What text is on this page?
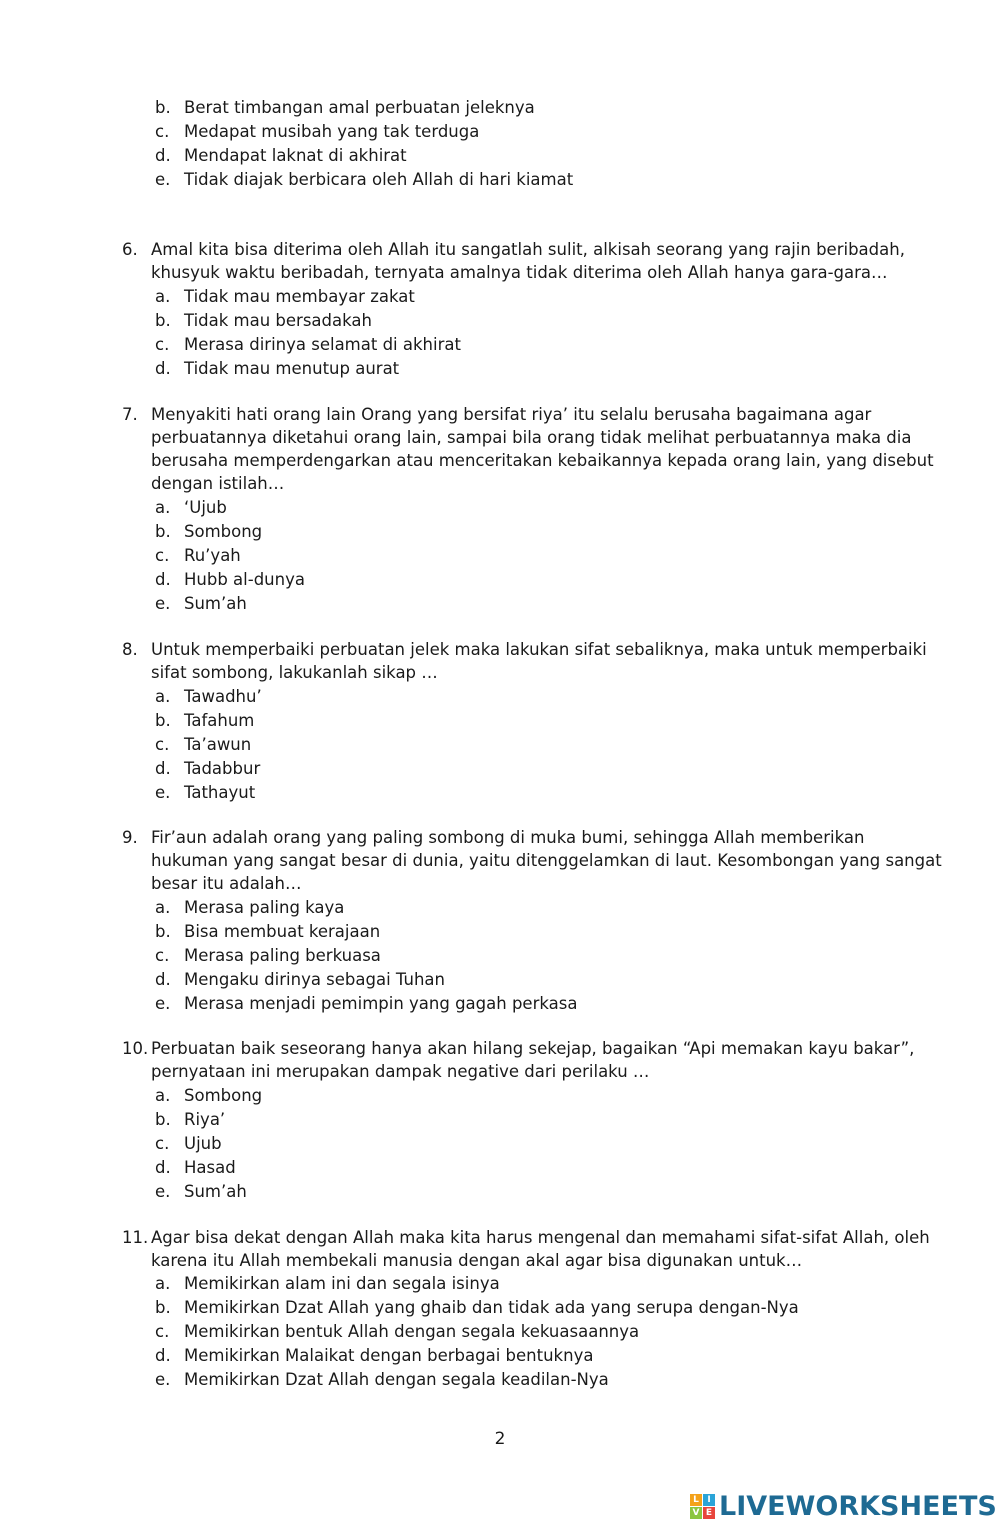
b. Berat timbangan amal perbuatan jeleknya
c. Medapat musibah yang tak terduga
d. Mendapat laknat di akhirat
e. Tidak diajak berbicara oleh Allah di hari kiamat
6. Amal kita bisa diterima oleh Allah itu sangatlah sulit, alkisah seorang yang rajin beribadah,
khusyuk waktu beribadah, ternyata amalnya tidak diterima oleh Allah hanya gara-gara…
a. Tidak mau membayar zakat
b. Tidak mau bersadakah
c. Merasa dirinya selamat di akhirat
d. Tidak mau menutup aurat
7. Menyakiti hati orang lain Orang yang bersifat riya’ itu selalu berusaha bagaimana agar
perbuatannya diketahui orang lain, sampai bila orang tidak melihat perbuatannya maka dia
berusaha memperdengarkan atau menceritakan kebaikannya kepada orang lain, yang disebut
dengan istilah…
a. ‘Ujub
b. Sombong
c. Ru’yah
d. Hubb al-dunya
e. Sum’ah
8. Untuk memperbaiki perbuatan jelek maka lakukan sifat sebaliknya, maka untuk memperbaiki
sifat sombong, lakukanlah sikap …
a. Tawadhu’
b. Tafahum
c. Ta’awun
d. Tadabbur
e. Tathayut
9. Fir’aun adalah orang yang paling sombong di muka bumi, sehingga Allah memberikan
hukuman yang sangat besar di dunia, yaitu ditenggelamkan di laut. Kesombongan yang sangat
besar itu adalah…
a. Merasa paling kaya
b. Bisa membuat kerajaan
c. Merasa paling berkuasa
d. Mengaku dirinya sebagai Tuhan
e. Merasa menjadi pemimpin yang gagah perkasa
10. Perbuatan baik seseorang hanya akan hilang sekejap, bagaikan “Api memakan kayu bakar”,
pernyataan ini merupakan dampak negative dari perilaku …
a. Sombong
b. Riya’
c. Ujub
d. Hasad
e. Sum’ah
11. Agar bisa dekat dengan Allah maka kita harus mengenal dan memahami sifat-sifat Allah, oleh
karena itu Allah membekali manusia dengan akal agar bisa digunakan untuk…
a. Memikirkan alam ini dan segala isinya
b. Memikirkan Dzat Allah yang ghaib dan tidak ada yang serupa dengan-Nya
c. Memikirkan bentuk Allah dengan segala kekuasaannya
d. Memikirkan Malaikat dengan berbagai bentuknya
e. Memikirkan Dzat Allah dengan segala keadilan-Nya
2
L I
V E LIVEWORKSHEETS
